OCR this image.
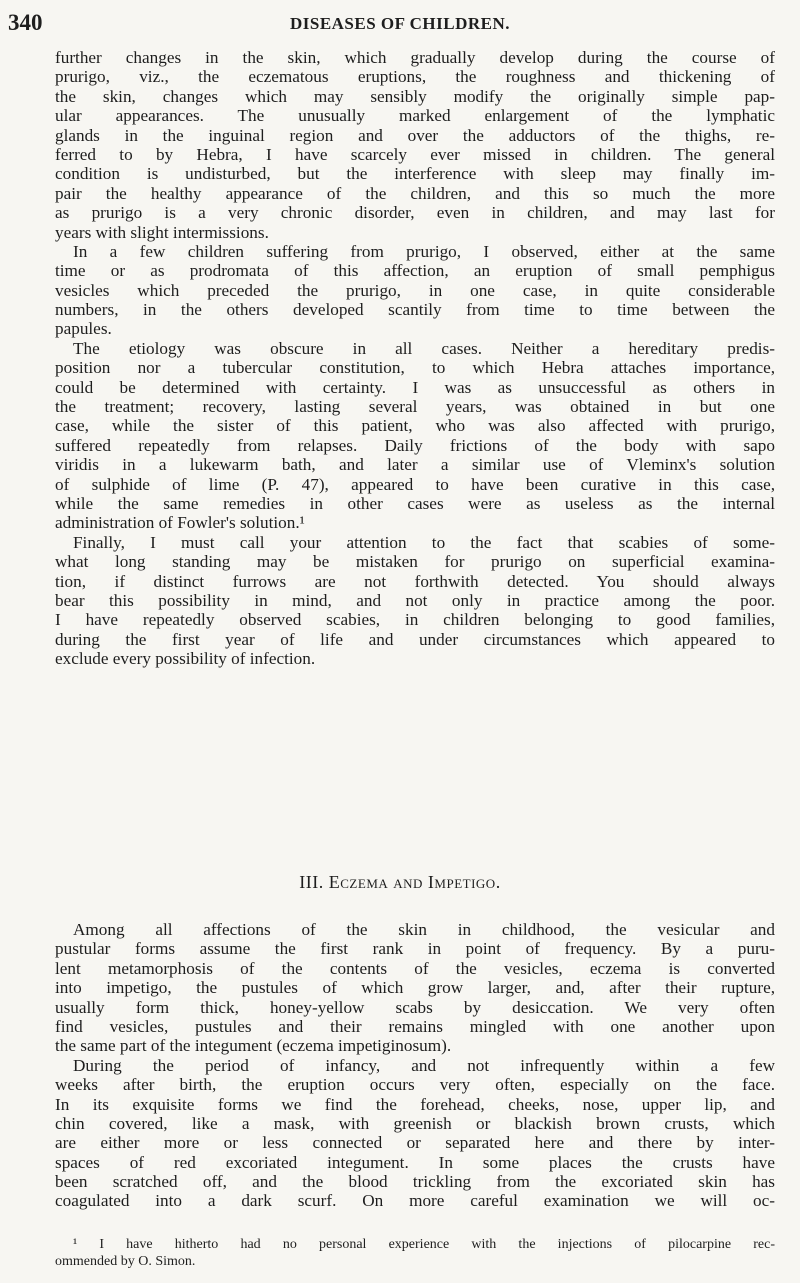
340	DISEASES OF CHILDREN.
further changes in the skin, which gradually develop during the course of
prurigo, viz., the eczematous eruptions, the roughness and thickening of
the skin, changes which may sensibly modify the originally simple pap-
ular appearances. The unusually marked enlargement of the lymphatic
glands in the inguinal region and over the adductors of the thighs, re-
ferred to by Hebra, I have scarcely ever missed in children. The general
condition is undisturbed, but the interference with sleep may finally im-
pair the healthy appearance of the children, and this so much the more
as prurigo is a very chronic disorder, even in children, and may last for
years with slight intermissions.
In a few children suffering from prurigo, I observed, either at the same
time or as prodromata of this affection, an eruption of small pemphigus
vesicles which preceded the prurigo, in one case, in quite considerable
numbers, in the others developed scantily from time to time between the
papules.
The etiology was obscure in all cases. Neither a hereditary predis-
position nor a tubercular constitution, to which Hebra attaches importance,
could be determined with certainty. I was as unsuccessful as others in
the treatment; recovery, lasting several years, was obtained in but one
case, while the sister of this patient, who was also affected with prurigo,
suffered repeatedly from relapses. Daily frictions of the body with sapo
viridis in a lukewarm bath, and later a similar use of Vleminx's solution
of sulphide of lime (P. 47), appeared to have been curative in this case,
while the same remedies in other cases were as useless as the internal
administration of Fowler's solution.¹
Finally, I must call your attention to the fact that scabies of some-
what long standing may be mistaken for prurigo on superficial examina-
tion, if distinct furrows are not forthwith detected. You should always
bear this possibility in mind, and not only in practice among the poor.
I have repeatedly observed scabies, in children belonging to good families,
during the first year of life and under circumstances which appeared to
exclude every possibility of infection.
III. Eczema and Impetigo.
Among all affections of the skin in childhood, the vesicular and
pustular forms assume the first rank in point of frequency. By a puru-
lent metamorphosis of the contents of the vesicles, eczema is converted
into impetigo, the pustules of which grow larger, and, after their rupture,
usually form thick, honey-yellow scabs by desiccation. We very often
find vesicles, pustules and their remains mingled with one another upon
the same part of the integument (eczema impetiginosum).
During the period of infancy, and not infrequently within a few
weeks after birth, the eruption occurs very often, especially on the face.
In its exquisite forms we find the forehead, cheeks, nose, upper lip, and
chin covered, like a mask, with greenish or blackish brown crusts, which
are either more or less connected or separated here and there by inter-
spaces of red excoriated integument. In some places the crusts have
been scratched off, and the blood trickling from the excoriated skin has
coagulated into a dark scurf. On more careful examination we will oc-
¹ I have hitherto had no personal experience with the injections of pilocarpine rec-
ommended by O. Simon.
